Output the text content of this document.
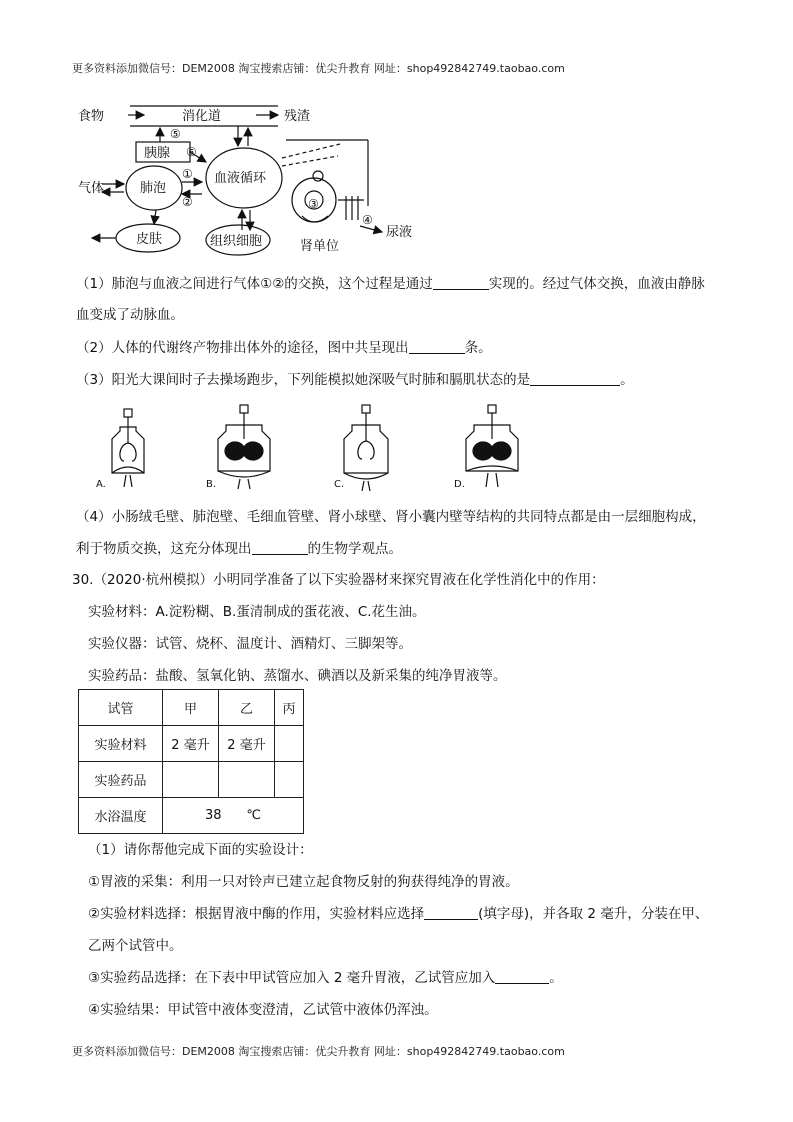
更多资料添加微信号：DEM2008 淘宝搜索店铺：优尖升教育 网址：shop492842749.taobao.com
食物	消化道	残渣
胰腺
气体	肺泡
血液循环
皮肤	组织细胞	肾单位
尿液
⑤
⑥
①
②	③
④
（1）肺泡与血液之间进行气体①②的交换，这个过程是通过	实现的。经过气体交换，血液由静脉
血变成了动脉血。
（2）人体的代谢终产物排出体外的途径，图中共呈现出	条。
（3）阳光大课间时子去操场跑步，下列能模拟她深吸气时肺和膈肌状态的是	。
A.	B.	C.	D.
（4）小肠绒毛壁、肺泡壁、毛细血管壁、肾小球壁、肾小囊内壁等结构的共同特点都是由一层细胞构成，
利于物质交换，这充分体现出	的生物学观点。
30.（2020·杭州模拟）小明同学准备了以下实验器材来探究胃液在化学性消化中的作用：
实验材料：A.淀粉糊、B.蛋清制成的蛋花液、C.花生油。
实验仪器：试管、烧杯、温度计、酒精灯、三脚架等。
实验药品：盐酸、氢氧化钠、蒸馏水、碘酒以及新采集的纯净胃液等。
试管	甲	乙	丙
实验材料	2 毫升	2 毫升	
实验药品			
水浴温度	38 ℃		
（1）请你帮他完成下面的实验设计：
①胃液的采集：利用一只对铃声已建立起食物反射的狗获得纯净的胃液。
②实验材料选择：根据胃液中酶的作用，实验材料应选择	(填字母)，并各取 2 毫升，分装在甲、
乙两个试管中。
③实验药品选择：在下表中甲试管应加入 2 毫升胃液，乙试管应加入	。
④实验结果：甲试管中液体变澄清，乙试管中液体仍浑浊。
更多资料添加微信号：DEM2008 淘宝搜索店铺：优尖升教育 网址：shop492842749.taobao.com
